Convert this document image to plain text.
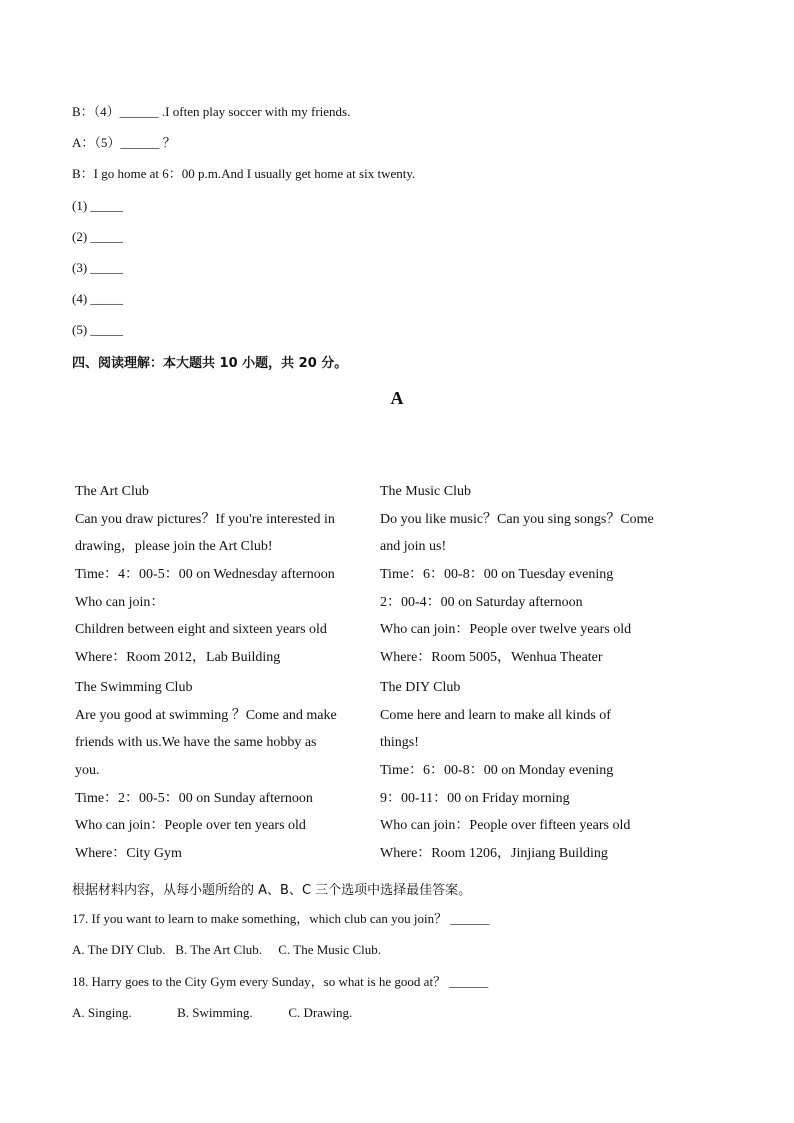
B：（4）______ .I often play soccer with my friends.
A：（5）______ ？
B：I go home at 6：00 p.m.And I usually get home at six twenty.
(1) _____
(2) _____
(3) _____
(4) _____
(5) _____
四、阅读理解：本大题共 10 小题，共 20 分。
A
The Art Club
Can you draw pictures？If you're interested in
drawing，please join the Art Club!
Time：4：00-5：00 on Wednesday afternoon
Who can join：
Children between eight and sixteen years old
Where：Room 2012，Lab Building
The Music Club
Do you like music？Can you sing songs？Come
and join us!
Time：6：00-8：00 on Tuesday evening
2：00-4：00 on Saturday afternoon
Who can join：People over twelve years old
Where：Room 5005，Wenhua Theater
The Swimming Club
Are you good at swimming ？Come and make
friends with us.We have the same hobby as
you.
Time：2：00-5：00 on Sunday afternoon
Who can join：People over ten years old
Where：City Gym
The DIY Club
Come here and learn to make all kinds of
things!
Time：6：00-8：00 on Monday evening
9：00-11：00 on Friday morning
Who can join：People over fifteen years old
Where：Room 1206，Jinjiang Building
根据材料内容，从每小题所给的 A、B、C 三个选项中选择最佳答案。
17. If you want to learn to make something，which club can you join？ ______
A. The DIY Club.   B. The Art Club.     C. The Music Club.
18. Harry goes to the City Gym every Sunday，so what is he good at？ ______
A. Singing.              B. Swimming.           C. Drawing.
